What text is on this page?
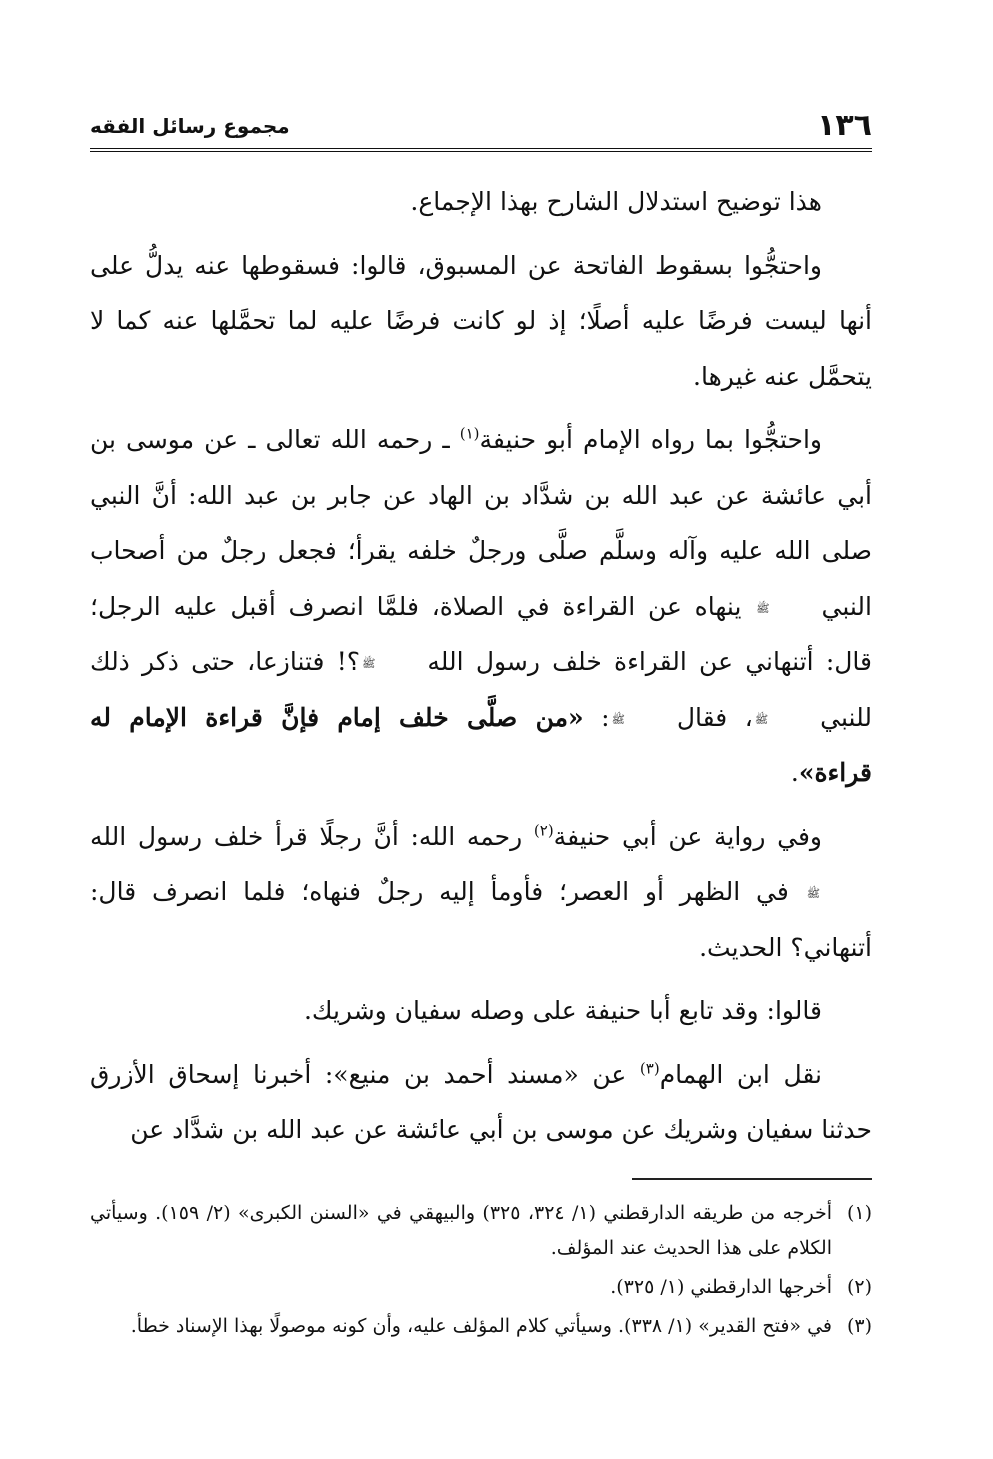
١٣٦
مجموع رسائل الفقه

هذا توضيح استدلال الشارح بهذا الإجماع.

واحتجُّوا بسقوط الفاتحة عن المسبوق، قالوا: فسقوطها عنه يدلُّ على أنها ليست فرضًا عليه أصلًا؛ إذ لو كانت فرضًا عليه لما تحمَّلها عنه كما لا يتحمَّل عنه غيرها.

واحتجُّوا بما رواه الإمام أبو حنيفة$^{(١)}$ ـ رحمه الله تعالى ـ عن موسى بن أبي عائشة عن عبد الله بن شدَّاد بن الهاد عن جابر بن عبد الله: أنَّ النبي صلى الله عليه وآله وسلَّم صلَّى ورجلٌ خلفه يقرأ؛ فجعل رجلٌ من أصحاب النبيﷺ ينهاه عن القراءة في الصلاة، فلمَّا انصرف أقبل عليه الرجل؛ قال: أتنهاني عن القراءة خلف رسول اللهﷺ؟! فتنازعا، حتى ذكر ذلك للنبيﷺ، فقالﷺ: «من صلَّى خلف إمام فإنَّ قراءة الإمام له قراءة».

وفي رواية عن أبي حنيفة$^{(٢)}$ رحمه الله: أنَّ رجلًا قرأ خلف رسول اللهﷺ في الظهر أو العصر؛ فأومأ إليه رجلٌ فنهاه؛ فلما انصرف قال: أتنهاني؟ الحديث.

قالوا: وقد تابع أبا حنيفة على وصله سفيان وشريك.

نقل ابن الهمام$^{(٣)}$ عن «مسند أحمد بن منيع»: أخبرنا إسحاق الأزرق حدثنا سفيان وشريك عن موسى بن أبي عائشة عن عبد الله بن شدَّاد عن

(١)
أخرجه من طريقه الدارقطني (١/ ٣٢٤، ٣٢٥) والبيهقي في «السنن الكبرى» (٢/ ١٥٩). وسيأتي الكلام على هذا الحديث عند المؤلف.

(٢)
أخرجها الدارقطني (١/ ٣٢٥).

(٣)
في «فتح القدير» (١/ ٣٣٨). وسيأتي كلام المؤلف عليه، وأن كونه موصولًا بهذا الإسناد خطأ.
